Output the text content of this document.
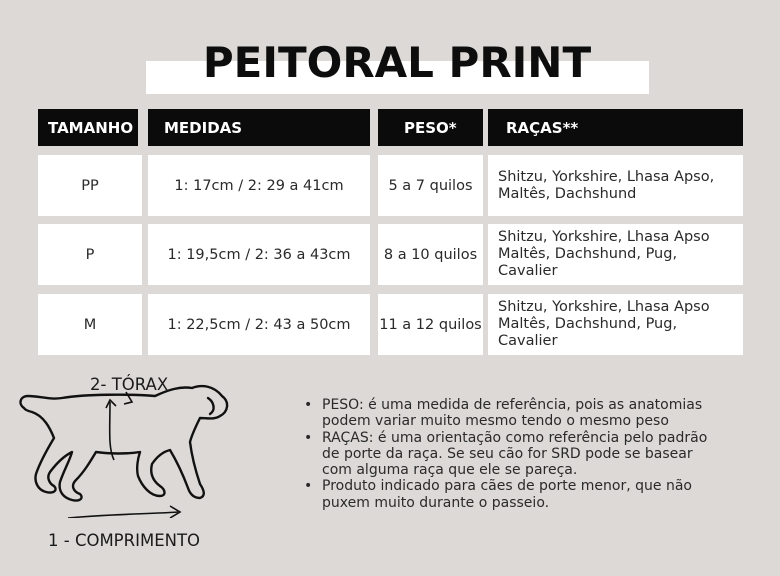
PEITORAL PRINT
TAMANHO	MEDIDAS	PESO*	RAÇAS**
PP	1: 17cm / 2: 29 a 41cm	5 a 7 quilos
Shitzu, Yorkshire, Lhasa Apso,
Maltês, Dachshund
P	1: 19,5cm / 2: 36 a 43cm	8 a 10 quilos
Shitzu, Yorkshire, Lhasa Apso
Maltês, Dachshund, Pug,
Cavalier
M	1: 22,5cm / 2: 43 a 50cm	11 a 12 quilos
Shitzu, Yorkshire, Lhasa Apso
Maltês, Dachshund, Pug,
Cavalier
2- TÓRAX
1 - COMPRIMENTO
• PESO: é uma medida de referência, pois as anatomias
podem variar muito mesmo tendo o mesmo peso
• RAÇAS: é uma orientação como referência pelo padrão
de porte da raça. Se seu cão for SRD pode se basear
com alguma raça que ele se pareça.
• Produto indicado para cães de porte menor, que não
puxem muito durante o passeio.
